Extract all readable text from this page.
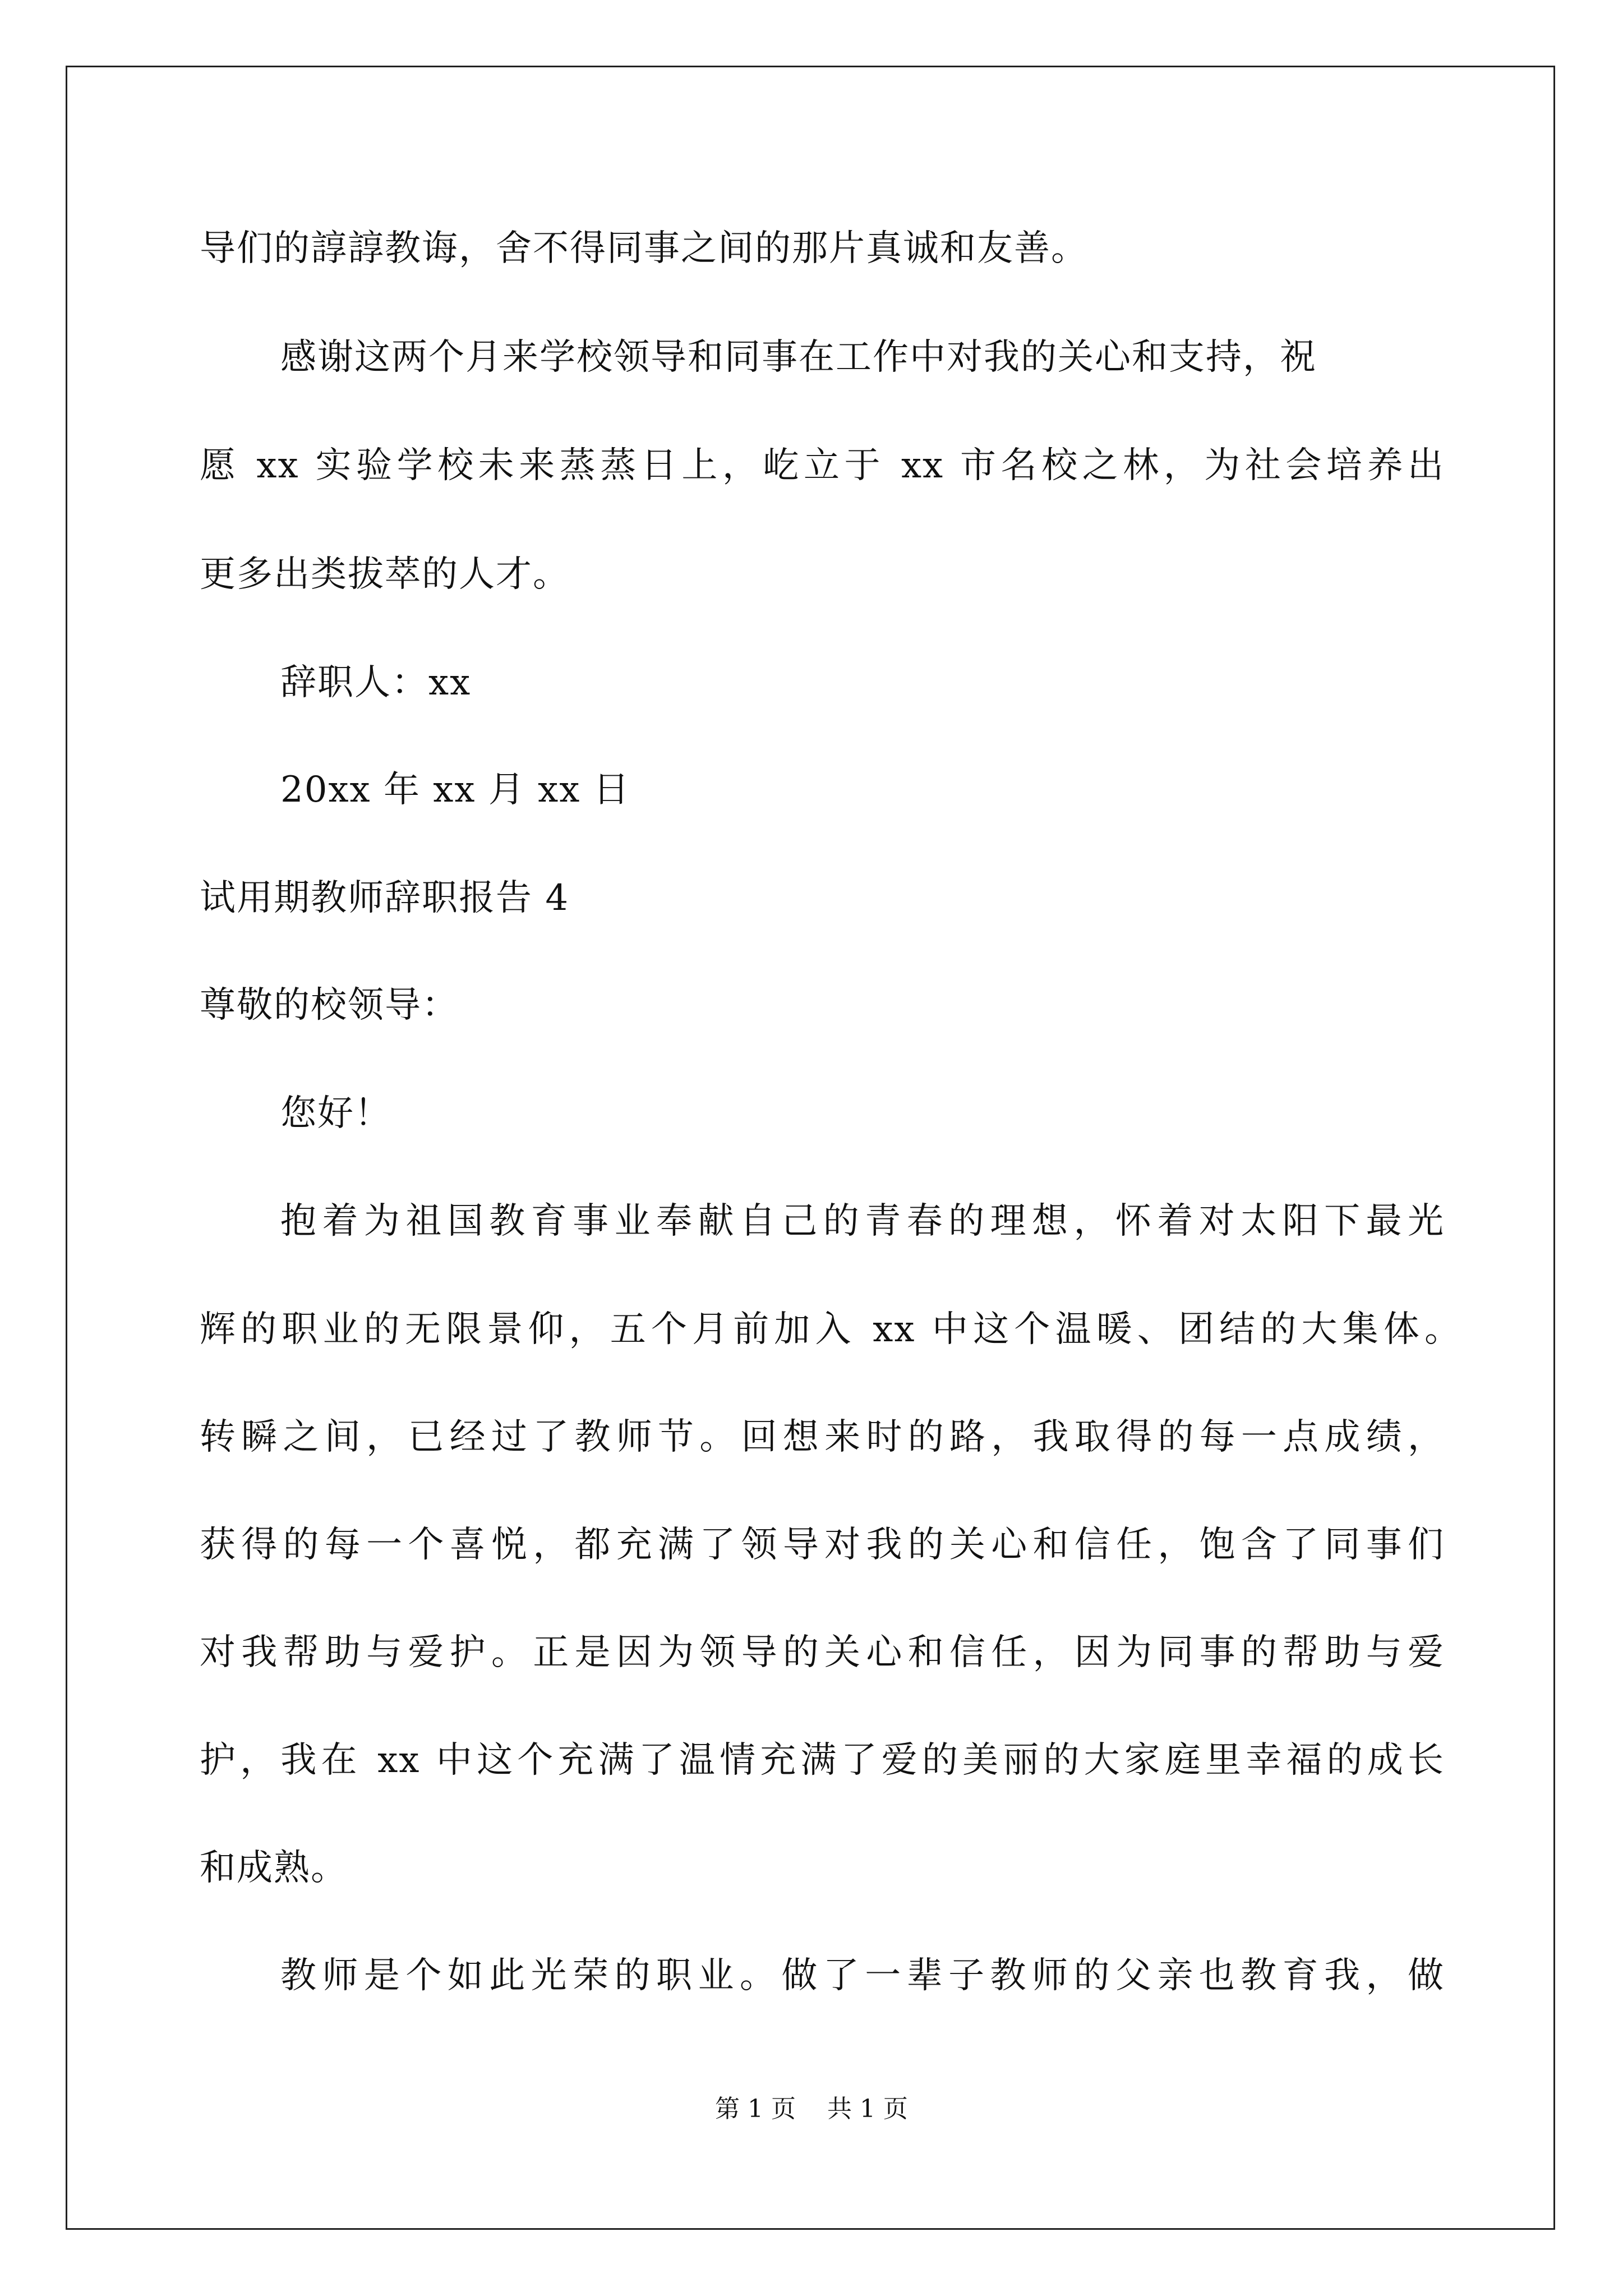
导们的諄諄教诲，舍不得同事之间的那片真诚和友善。
感谢这两个月来学校领导和同事在工作中对我的关心和支持，祝
愿 xx 实验学校未来蒸蒸日上，屹立于 xx 市名校之林，为社会培养出
更多出类拔萃的人才。
辞职人：xx
20xx 年 xx 月 xx 日
试用期教师辞职报告 4
尊敬的校领导：
您好！
抱着为祖国教育事业奉献自己的青春的理想，怀着对太阳下最光
辉的职业的无限景仰，五个月前加入 xx 中这个温暖、团结的大集体。
转瞬之间，已经过了教师节。回想来时的路，我取得的每一点成绩，
获得的每一个喜悦，都充满了领导对我的关心和信任，饱含了同事们
对我帮助与爱护。正是因为领导的关心和信任，因为同事的帮助与爱
护，我在 xx 中这个充满了温情充满了爱的美丽的大家庭里幸福的成长
和成熟。
教师是个如此光荣的职业。做了一辈子教师的父亲也教育我，做
第 1 页    共 1 页
